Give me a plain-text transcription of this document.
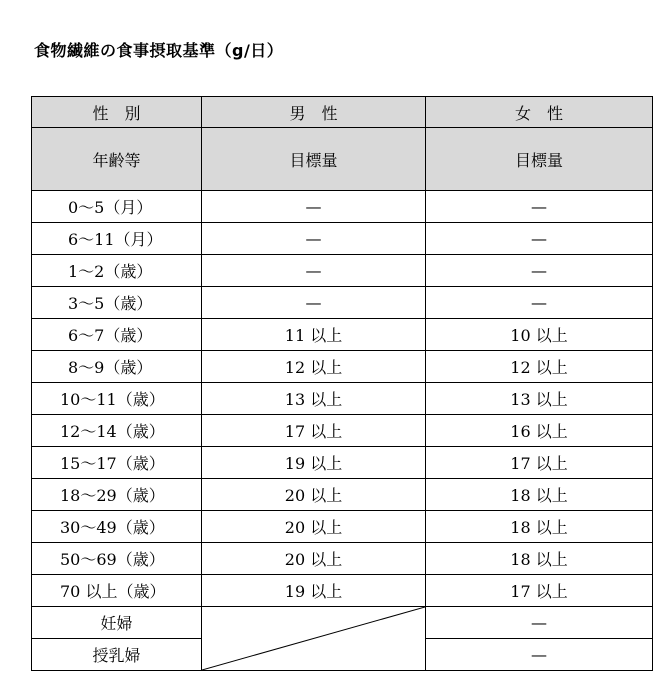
食物繊維の食事摂取基準（g/日）
性　別	男　性	女　性
年齢等	目標量	目標量
0～5（月）	—	—
6～11（月）	—	—
1～2（歳）	—	—
3～5（歳）	—	—
6～7（歳）	11 以上	10 以上
8～9（歳）	12 以上	12 以上
10～11（歳）	13 以上	13 以上
12～14（歳）	17 以上	16 以上
15～17（歳）	19 以上	17 以上
18～29（歳）	20 以上	18 以上
30～49（歳）	20 以上	18 以上
50～69（歳）	20 以上	18 以上
70 以上（歳）	19 以上	17 以上
妊婦		—
授乳婦		—
